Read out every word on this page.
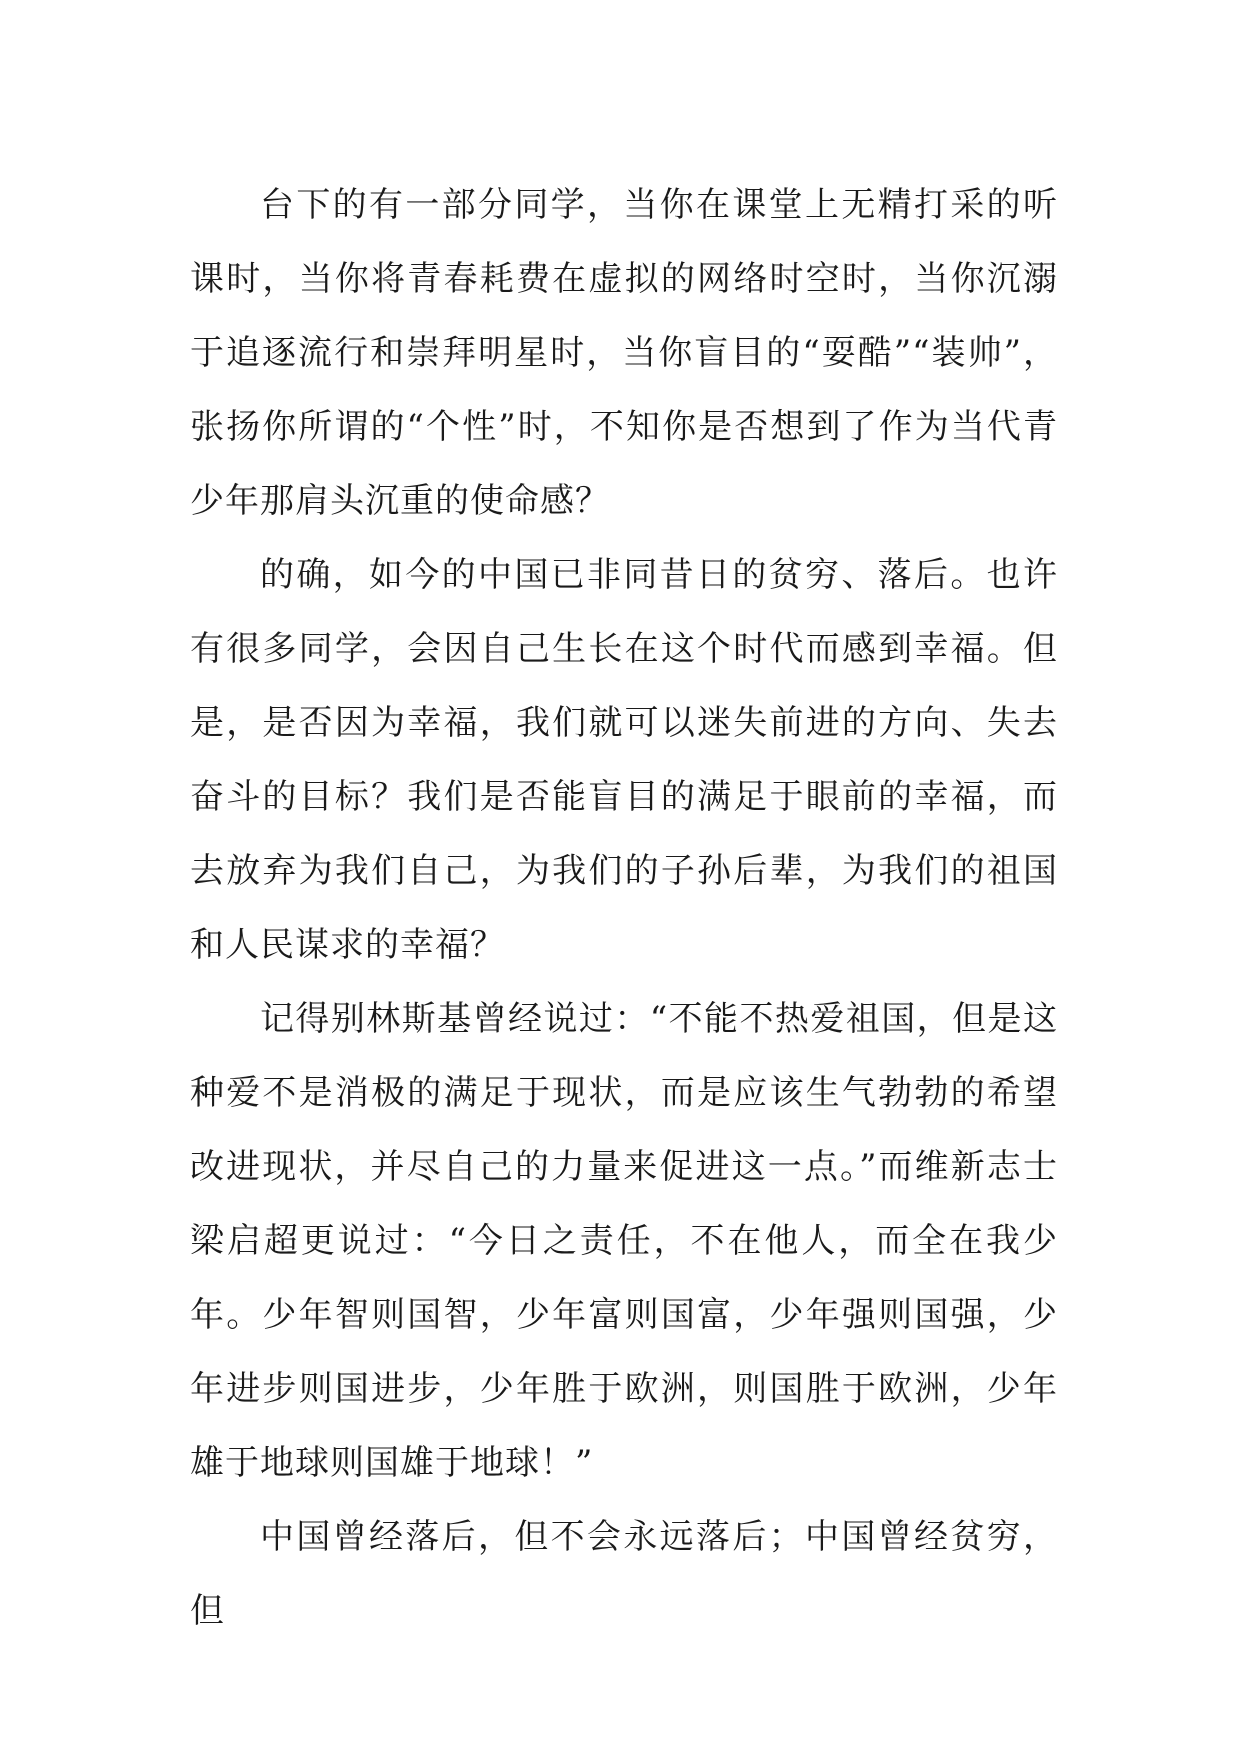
台下的有一部分同学，当你在课堂上无精打采的听课时，当你将青春耗费在虚拟的网络时空时，当你沉溺于追逐流行和崇拜明星时，当你盲目的“耍酷”“装帅”，张扬你所谓的“个性”时，不知你是否想到了作为当代青少年那肩头沉重的使命感？

的确，如今的中国已非同昔日的贫穷、落后。也许有很多同学，会因自己生长在这个时代而感到幸福。但是，是否因为幸福，我们就可以迷失前进的方向、失去奋斗的目标？我们是否能盲目的满足于眼前的幸福，而去放弃为我们自己，为我们的子孙后辈，为我们的祖国和人民谋求的幸福？

记得别林斯基曾经说过：“不能不热爱祖国，但是这种爱不是消极的满足于现状，而是应该生气勃勃的希望改进现状，并尽自己的力量来促进这一点。”而维新志士梁启超更说过：“今日之责任，不在他人，而全在我少年。少年智则国智，少年富则国富，少年强则国强，少年进步则国进步，少年胜于欧洲，则国胜于欧洲，少年雄于地球则国雄于地球！”

中国曾经落后，但不会永远落后；中国曾经贫穷，但
